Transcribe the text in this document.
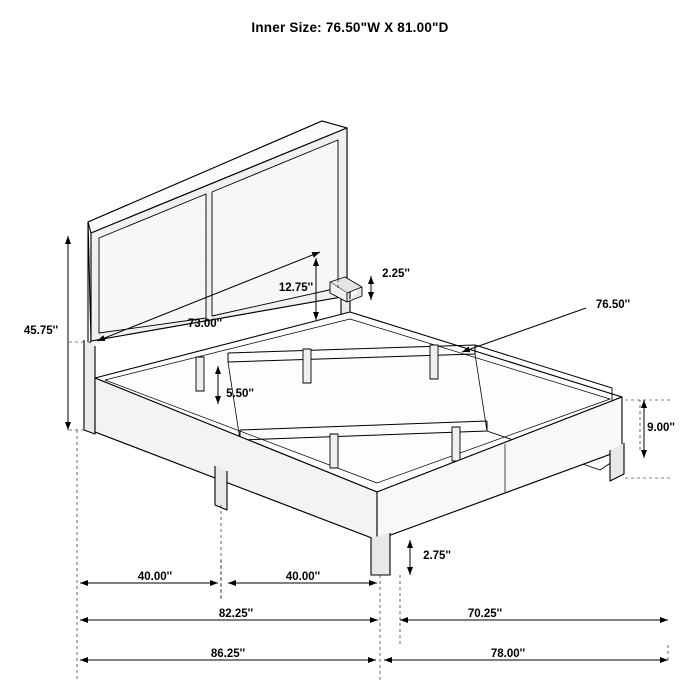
Inner Size: 76.50"W X 81.00"D
45.75''
12.75''
2.25''
73.00''
76.50''
5.50''
9.00''
2.75''
40.00''	40.00''
82.25''	70.25''
86.25''	78.00''
